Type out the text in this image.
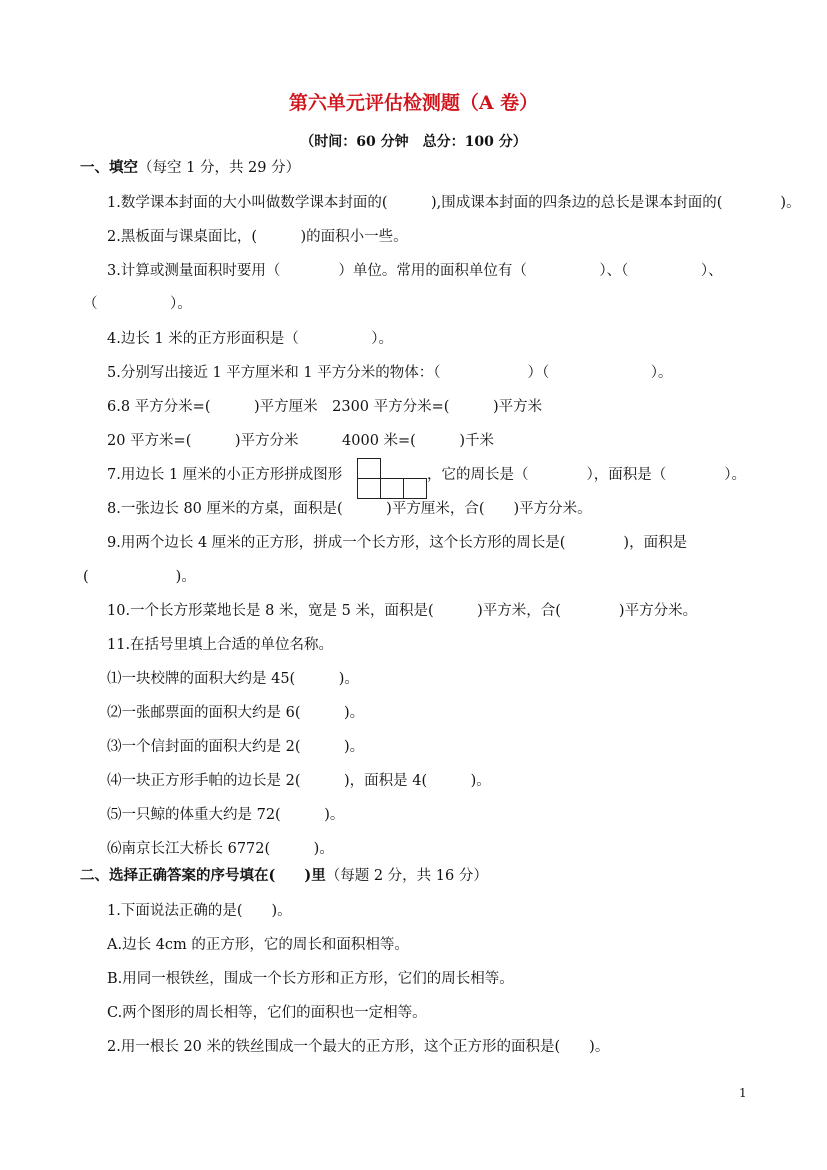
第六单元评估检测题（A 卷）
（时间：60 分钟　总分：100 分）
一、填空（每空 1 分，共 29 分）
1.数学课本封面的大小叫做数学课本封面的(　　　),围成课本封面的四条边的总长是课本封面的(　　　　)。
2.黑板面与课桌面比，(　　　)的面积小一些。
3.计算或测量面积时要用（　　　　）单位。常用的面积单位有（　　　　　）、（　　　　　）、
（　　　　　）。
4.边长 1 米的正方形面积是（　　　　　）。
5.分别写出接近 1 平方厘米和 1 平方分米的物体：（　　　　　　）（　　　　　　　）。
6.8 平方分米=(　　　)平方厘米　2300 平方分米=(　　　)平方米
20 平方米=(　　　)平方分米　　　4000 米=(　　　)千米
7.用边长 1 厘米的小正方形拼成图形	，它的周长是（　　　　），面积是（　　　　）。
8.一张边长 80 厘米的方桌，面积是(　　　)平方厘米，合(　　)平方分米。
9.用两个边长 4 厘米的正方形，拼成一个长方形，这个长方形的周长是(　　　　)，面积是
(　　　　　　)。
10.一个长方形菜地长是 8 米，宽是 5 米，面积是(　　　)平方米，合(　　　　)平方分米。
11.在括号里填上合适的单位名称。
⑴一块校牌的面积大约是 45(　　　)。
⑵一张邮票面的面积大约是 6(　　　)。
⑶一个信封面的面积大约是 2(　　　)。
⑷一块正方形手帕的边长是 2(　　　)，面积是 4(　　　)。
⑸一只鲸的体重大约是 72(　　　)。
⑹南京长江大桥长 6772(　　　)。
二、选择正确答案的序号填在(　　)里（每题 2 分，共 16 分）
1.下面说法正确的是(　　)。
A.边长 4cm 的正方形，它的周长和面积相等。
B.用同一根铁丝，围成一个长方形和正方形，它们的周长相等。
C.两个图形的周长相等，它们的面积也一定相等。
2.用一根长 20 米的铁丝围成一个最大的正方形，这个正方形的面积是(　　)。
1
